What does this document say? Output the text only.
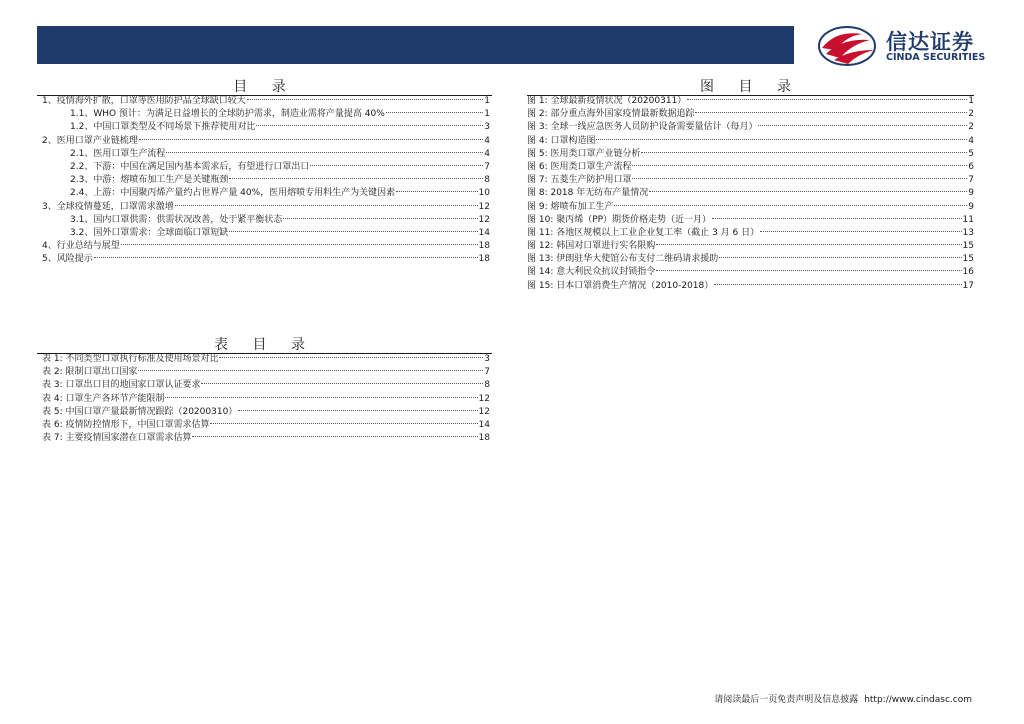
信达证券
CINDA SECURITIES
目 录
1、疫情海外扩散，口罩等医用防护品全球缺口较大	1
1.1、WHO 预计：为满足日益增长的全球防护需求，制造业需将产量提高 40%	1
1.2、中国口罩类型及不同场景下推荐使用对比	3
2、医用口罩产业链梳理	4
2.1、医用口罩生产流程	4
2.2、下游：中国在满足国内基本需求后，有望进行口罩出口	7
2.3、中游：熔喷布加工生产是关键瓶颈	8
2.4、上游：中国聚丙烯产量约占世界产量 40%，医用熔喷专用料生产为关键因素	10
3、全球疫情蔓延，口罩需求激增	12
3.1、国内口罩供需：供需状况改善，处于紧平衡状态	12
3.2、国外口罩需求：全球面临口罩短缺	14
4、行业总结与展望	18
5、风险提示	18
图 目 录
图 1: 全球最新疫情状况（20200311）	1
图 2: 部分重点海外国家疫情最新数据追踪	2
图 3: 全球一线应急医务人员防护设备需要量估计（每月）	2
图 4: 口罩构造图	4
图 5: 医用类口罩产业链分析	5
图 6: 医用类口罩生产流程	6
图 7: 五菱生产防护用口罩	7
图 8: 2018 年无纺布产量情况	9
图 9: 熔喷布加工生产	9
图 10: 聚丙烯（PP）期货价格走势（近一月）	11
图 11: 各地区规模以上工业企业复工率（截止 3 月 6 日）	13
图 12: 韩国对口罩进行实名限购	15
图 13: 伊朗驻华大使馆公布支付二维码请求援助	15
图 14: 意大利民众抗议封锁指令	16
图 15: 日本口罩消费生产情况（2010-2018）	17
表 目 录
表 1: 不同类型口罩执行标准及使用场景对比	3
表 2: 限制口罩出口国家	7
表 3: 口罩出口目的地国家口罩认证要求	8
表 4: 口罩生产各环节产能限制	12
表 5: 中国口罩产量最新情况跟踪（20200310）	12
表 6: 疫情防控情形下，中国口罩需求估算	14
表 7: 主要疫情国家潜在口罩需求估算	18
请阅读最后一页免责声明及信息披露 http://www.cindasc.com
